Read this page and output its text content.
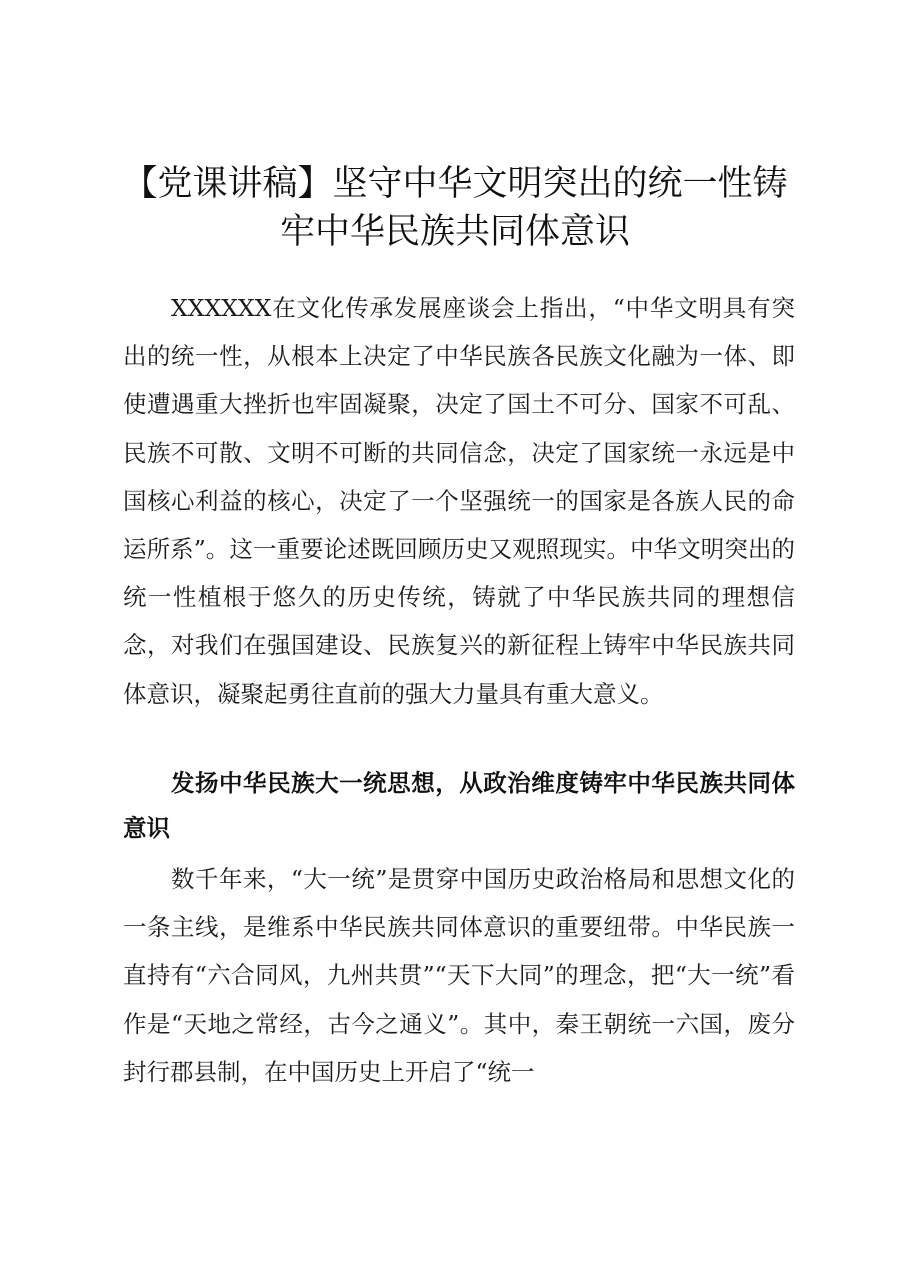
【党课讲稿】坚守中华文明突出的统一性铸牢中华民族共同体意识

XXXXXX在文化传承发展座谈会上指出，“中华文明具有突出的统一性，从根本上决定了中华民族各民族文化融为一体、即使遭遇重大挫折也牢固凝聚，决定了国土不可分、国家不可乱、民族不可散、文明不可断的共同信念，决定了国家统一永远是中国核心利益的核心，决定了一个坚强统一的国家是各族人民的命运所系”。这一重要论述既回顾历史又观照现实。中华文明突出的统一性植根于悠久的历史传统，铸就了中华民族共同的理想信念，对我们在强国建设、民族复兴的新征程上铸牢中华民族共同体意识，凝聚起勇往直前的强大力量具有重大意义。

发扬中华民族大一统思想，从政治维度铸牢中华民族共同体意识

数千年来，“大一统”是贯穿中国历史政治格局和思想文化的一条主线，是维系中华民族共同体意识的重要纽带。中华民族一直持有“六合同风，九州共贯”“天下大同”的理念，把“大一统”看作是“天地之常经，古今之通义”。其中，秦王朝统一六国，废分封行郡县制，在中国历史上开启了“统一
